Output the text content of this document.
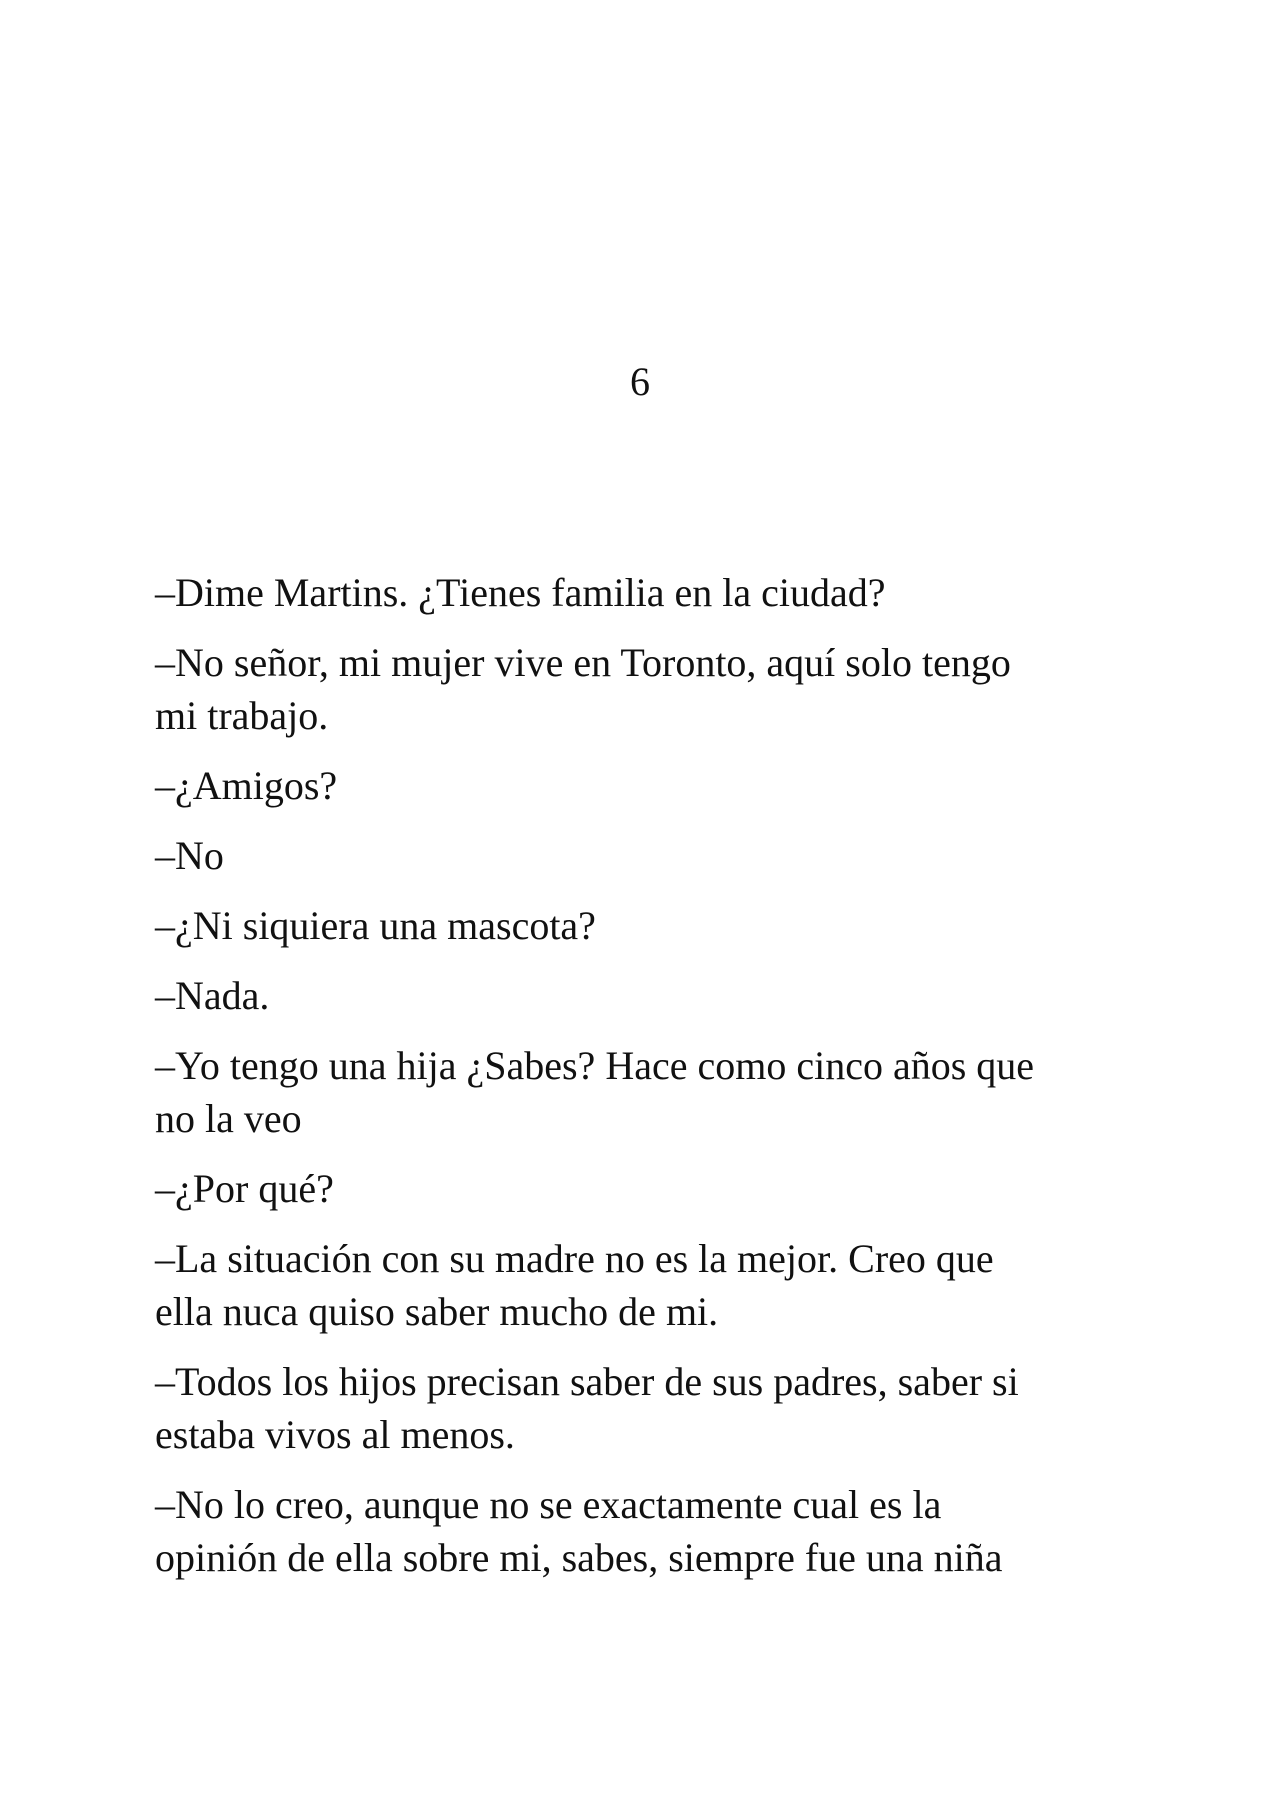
6

–Dime Martins. ¿Tienes familia en la ciudad?

–No señor, mi mujer vive en Toronto, aquí solo tengo
mi trabajo.

–¿Amigos?

–No

–¿Ni siquiera una mascota?

–Nada.

–Yo tengo una hija ¿Sabes? Hace como cinco años que
no la veo

–¿Por qué?

–La situación con su madre no es la mejor. Creo que
ella nuca quiso saber mucho de mi.

–Todos los hijos precisan saber de sus padres, saber si
estaba vivos al menos.

–No lo creo, aunque no se exactamente cual es la
opinión de ella sobre mi, sabes, siempre fue una niña
